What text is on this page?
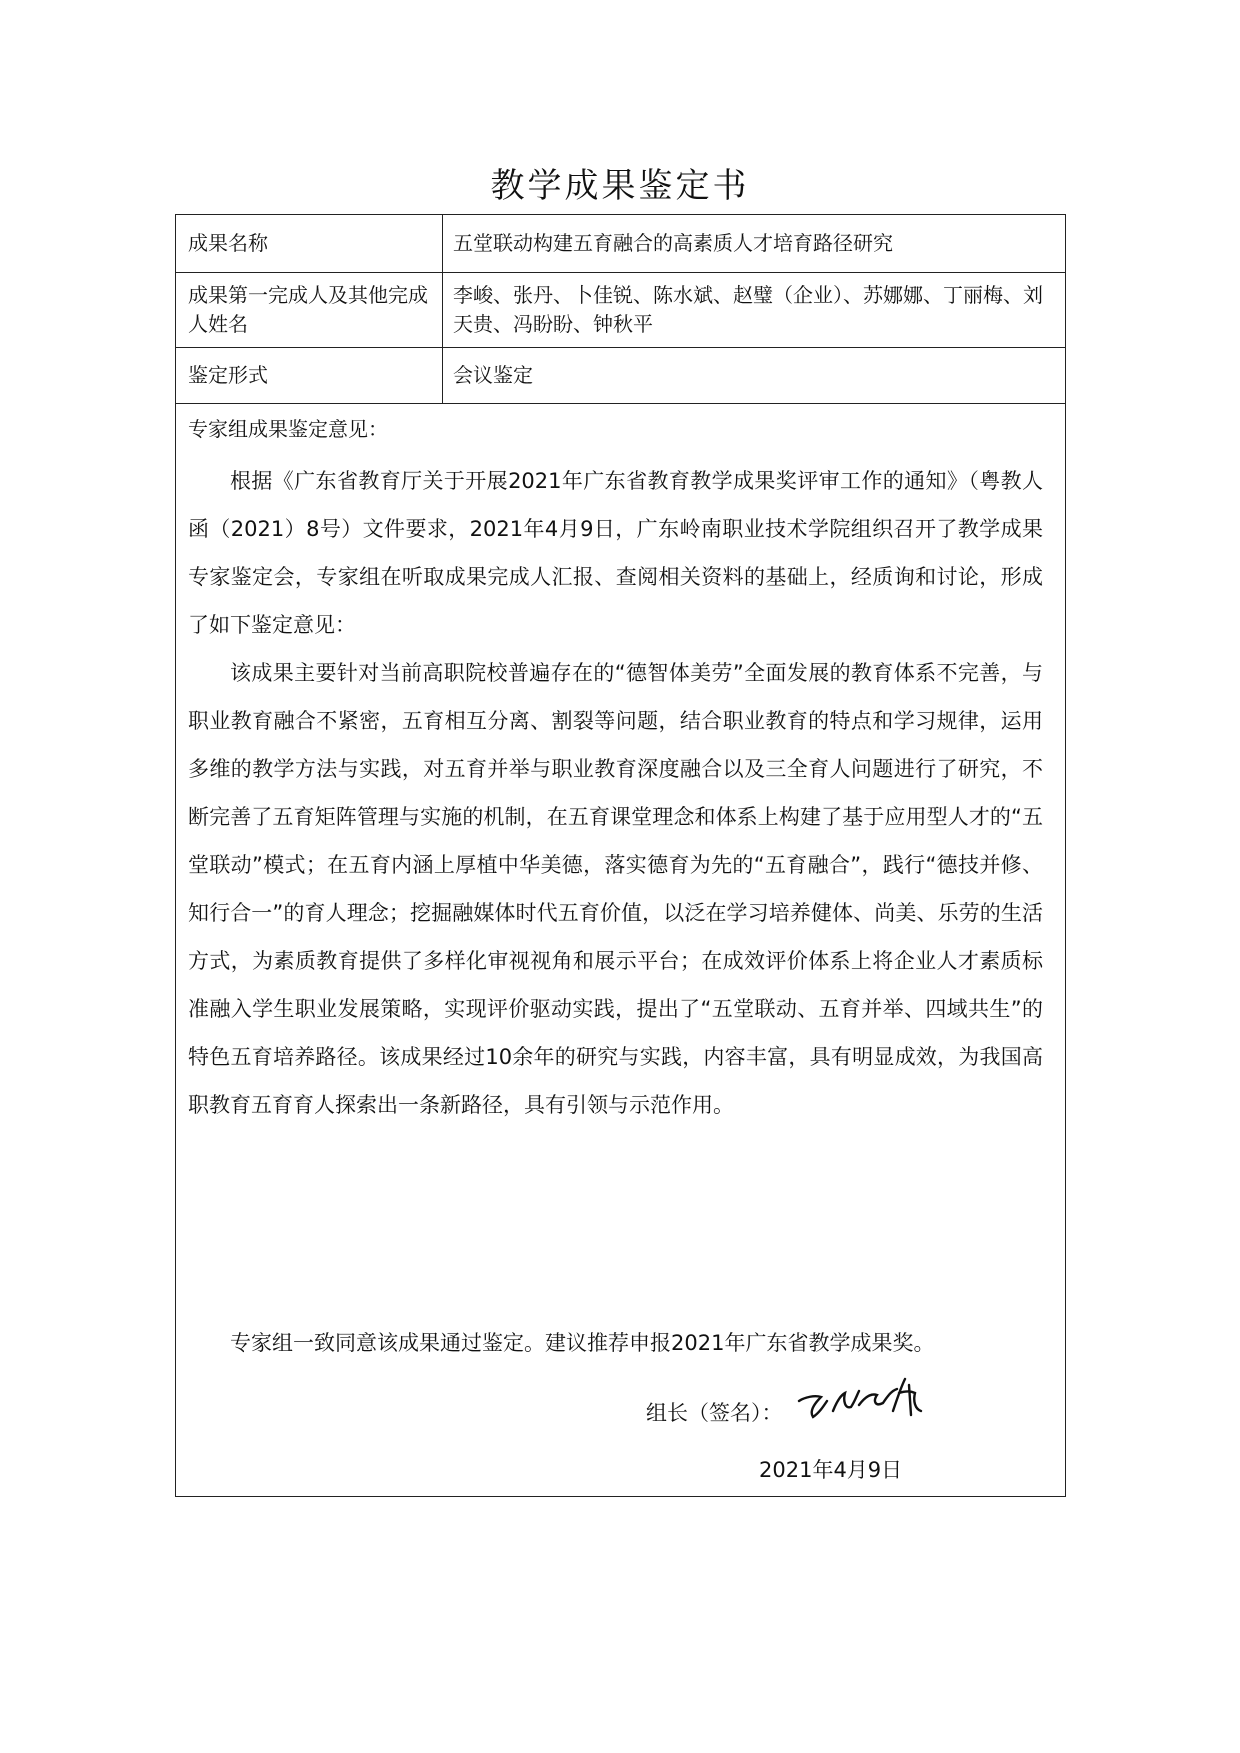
教学成果鉴定书
成果名称	五堂联动构建五育融合的高素质人才培育路径研究
成果第一完成人及其他完成人姓名
李峻、张丹、卜佳锐、陈水斌、赵璧（企业）、苏娜娜、丁丽梅、刘天贵、冯盼盼、钟秋平
鉴定形式	会议鉴定
专家组成果鉴定意见：

根据《广东省教育厅关于开展2021年广东省教育教学成果奖评审工作的通知》（粤教人函（2021）8号）文件要求，2021年4月9日，广东岭南职业技术学院组织召开了教学成果专家鉴定会，专家组在听取成果完成人汇报、查阅相关资料的基础上，经质询和讨论，形成了如下鉴定意见：

该成果主要针对当前高职院校普遍存在的“德智体美劳”全面发展的教育体系不完善，与职业教育融合不紧密，五育相互分离、割裂等问题，结合职业教育的特点和学习规律，运用多维的教学方法与实践，对五育并举与职业教育深度融合以及三全育人问题进行了研究，不断完善了五育矩阵管理与实施的机制，在五育课堂理念和体系上构建了基于应用型人才的“五堂联动”模式；在五育内涵上厚植中华美德，落实德育为先的“五育融合”，践行“德技并修、知行合一”的育人理念；挖掘融媒体时代五育价值，以泛在学习培养健体、尚美、乐劳的生活方式，为素质教育提供了多样化审视视角和展示平台；在成效评价体系上将企业人才素质标准融入学生职业发展策略，实现评价驱动实践，提出了“五堂联动、五育并举、四域共生”的特色五育培养路径。该成果经过10余年的研究与实践，内容丰富，具有明显成效，为我国高职教育五育育人探索出一条新路径，具有引领与示范作用。

专家组一致同意该成果通过鉴定。建议推荐申报2021年广东省教学成果奖。

组长（签名）：
2021年4月9日
